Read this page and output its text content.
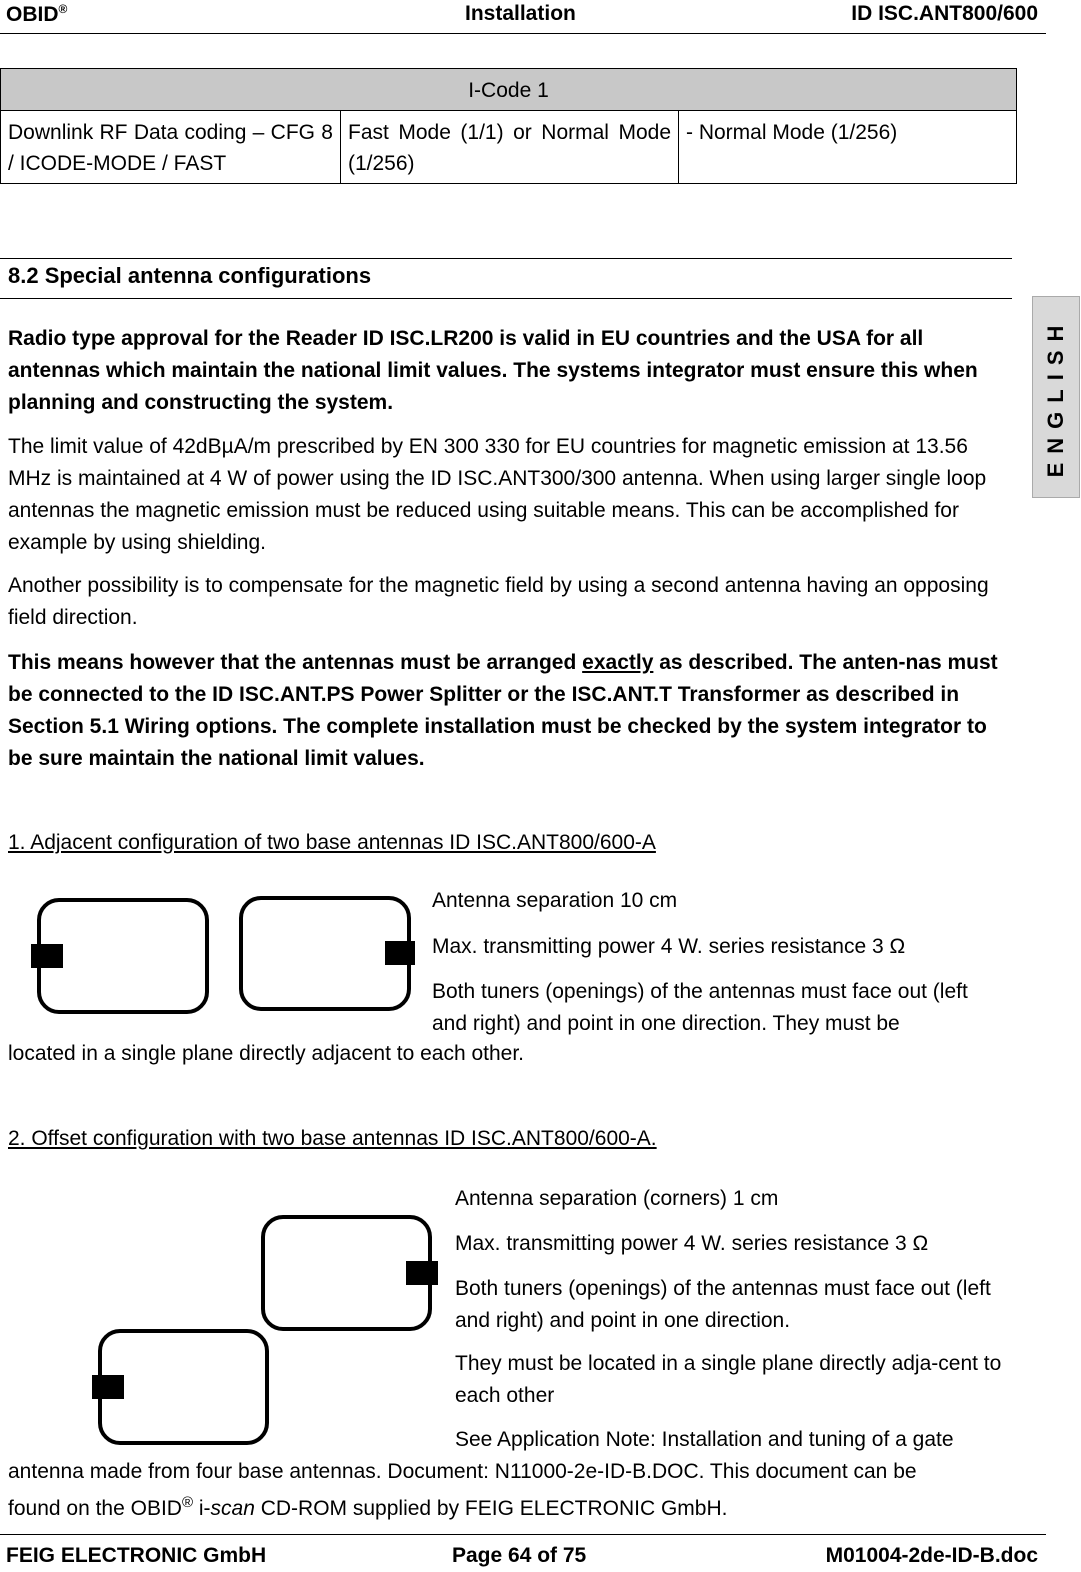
OBID®	Installation	ID ISC.ANT800/600
I-Code 1
Downlink RF Data coding – CFG 8 / ICODE-MODE / FAST	Fast Mode (1/1) or Normal Mode (1/256)	- Normal Mode (1/256)
8.2 Special antenna configurations
ENGLISH

Radio type approval for the Reader ID ISC.LR200 is valid in EU countries and the USA for all antennas which maintain the national limit values. The systems integrator must ensure this when planning and constructing the system.

The limit value of 42dBµA/m prescribed by EN 300 330 for EU countries for magnetic emission at 13.56 MHz is maintained at 4 W of power using the ID ISC.ANT300/300 antenna. When using larger single loop antennas the magnetic emission must be reduced using suitable means. This can be accomplished for example by using shielding.

Another possibility is to compensate for the magnetic field by using a second antenna having an opposing field direction.

This means however that the antennas must be arranged exactly as described. The anten-nas must be connected to the ID ISC.ANT.PS Power Splitter or the ISC.ANT.T Transformer as described in Section 5.1 Wiring options. The complete installation must be checked by the system integrator to be sure maintain the national limit values.

1. Adjacent configuration of two base antennas ID ISC.ANT800/600-A

Antenna separation 10 cm

Max. transmitting power 4 W. series resistance 3 Ω

Both tuners (openings) of the antennas must face out (left and right) and point in one direction. They must be

located in a single plane directly adjacent to each other.

2. Offset configuration with two base antennas ID ISC.ANT800/600-A.

Antenna separation (corners) 1 cm

Max. transmitting power 4 W. series resistance 3 Ω

Both tuners (openings) of the antennas must face out (left and right) and point in one direction.

They must be located in a single plane directly adja-cent to each other

See Application Note: Installation and tuning of a gate

antenna made from four base antennas. Document: N11000-2e-ID-B.DOC. This document can be

found on the OBID® i-scan CD-ROM supplied by FEIG ELECTRONIC GmbH.

FEIG ELECTRONIC GmbH	Page 64 of 75	M01004-2de-ID-B.doc
